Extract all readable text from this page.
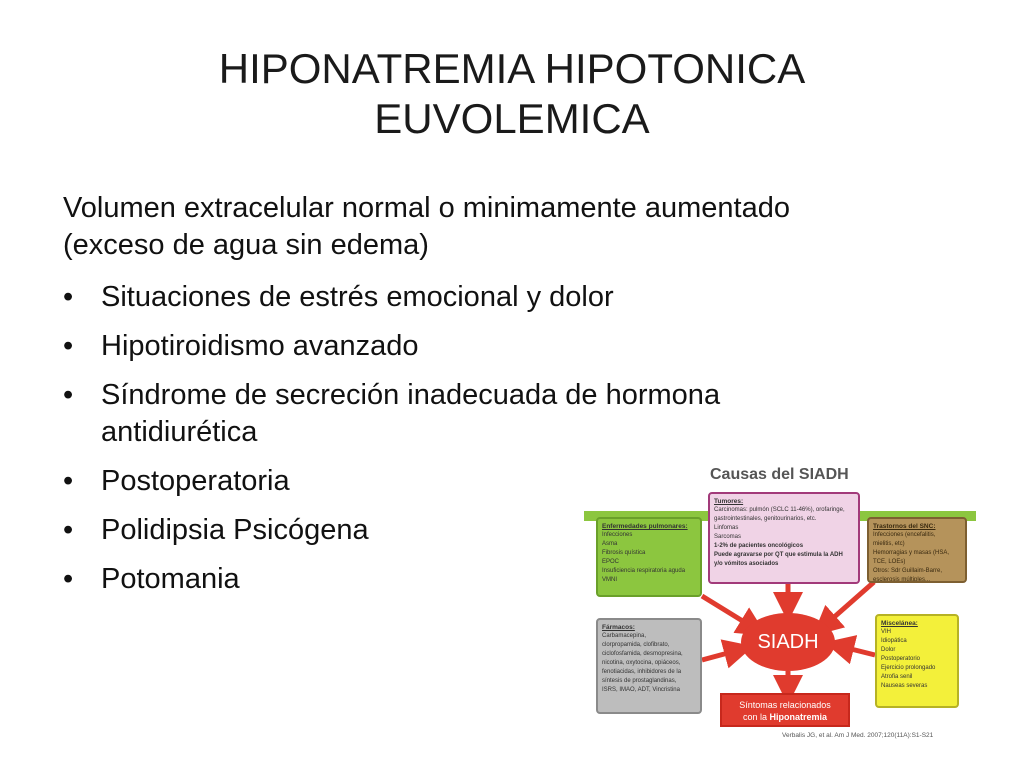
HIPONATREMIA HIPOTONICA
EUVOLEMICA
Volumen extracelular normal o minimamente aumentado
(exceso de agua sin edema)
• Situaciones de estrés emocional y dolor
• Hipotiroidismo avanzado
• Síndrome de secreción inadecuada de hormona
antidiurética
• Postoperatoria
• Polidipsia Psicógena
• Potomania
Causas del SIADH
Enfermedades pulmonares:
Infecciones
Asma
Fibrosis quística
EPOC
Insuficiencia respiratoria aguda
VMNI
Tumores:
Carcinomas: pulmón (SCLC 11-46%), orofaringe,
gastrointestinales, genitourinarios, etc.
Linfomas
Sarcomas
1-2% de pacientes oncológicos
Puede agravarse por QT que estimula la ADH
y/o vómitos asociados
Trastornos del SNC:
Infecciones (encefalitis,
mielitis, etc)
Hemorragias y masas (HSA,
TCE, LOEs)
Otros: Sdr Guillaim-Barre,
esclerosis múltiples...
Fármacos:
Carbamacepina,
clorpropamida, clofibrato,
ciclofosfamida, desmopresina,
nicotina, oxytocina, opiáceos,
fenotiacidas, inhibidores de la
síntesis de prostaglandinas,
ISRS, IMAO, ADT, Vincristina
Miscelánea:
VIH
Idiopática
Dolor
Postoperatorio
Ejercicio prolongado
Atrofia senil
Nauseas severas
SIADH
Síntomas relacionados
con la Hiponatremia
Verbalis JG, et al. Am J Med. 2007;120(11A):S1-S21
